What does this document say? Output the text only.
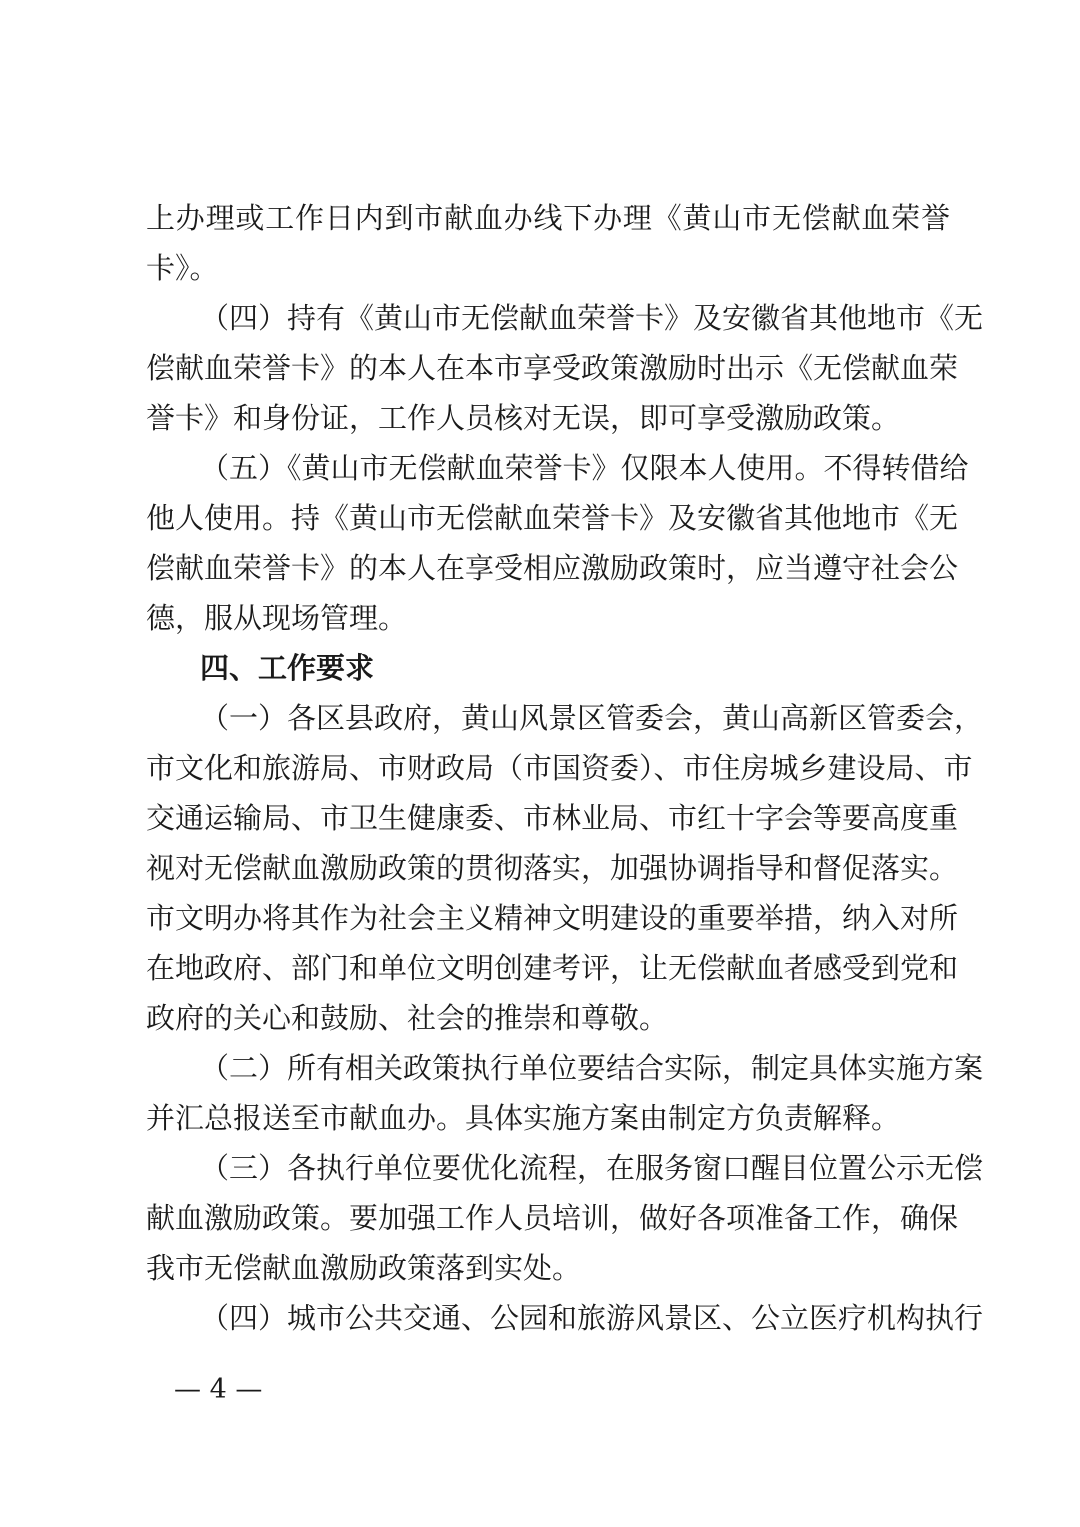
上办理或工作日内到市献血办线下办理《黄山市无偿献血荣誉
卡》。
（四）持有《黄山市无偿献血荣誉卡》及安徽省其他地市《无
偿献血荣誉卡》的本人在本市享受政策激励时出示《无偿献血荣
誉卡》和身份证，工作人员核对无误，即可享受激励政策。
（五）《黄山市无偿献血荣誉卡》仅限本人使用。不得转借给
他人使用。持《黄山市无偿献血荣誉卡》及安徽省其他地市《无
偿献血荣誉卡》的本人在享受相应激励政策时，应当遵守社会公
德，服从现场管理。
四、工作要求
（一）各区县政府，黄山风景区管委会，黄山高新区管委会，
市文化和旅游局、市财政局（市国资委）、市住房城乡建设局、市
交通运输局、市卫生健康委、市林业局、市红十字会等要高度重
视对无偿献血激励政策的贯彻落实，加强协调指导和督促落实。
市文明办将其作为社会主义精神文明建设的重要举措，纳入对所
在地政府、部门和单位文明创建考评，让无偿献血者感受到党和
政府的关心和鼓励、社会的推崇和尊敬。
（二）所有相关政策执行单位要结合实际，制定具体实施方案
并汇总报送至市献血办。具体实施方案由制定方负责解释。
（三）各执行单位要优化流程，在服务窗口醒目位置公示无偿
献血激励政策。要加强工作人员培训，做好各项准备工作，确保
我市无偿献血激励政策落到实处。
（四）城市公共交通、公园和旅游风景区、公立医疗机构执行
— 4 —
